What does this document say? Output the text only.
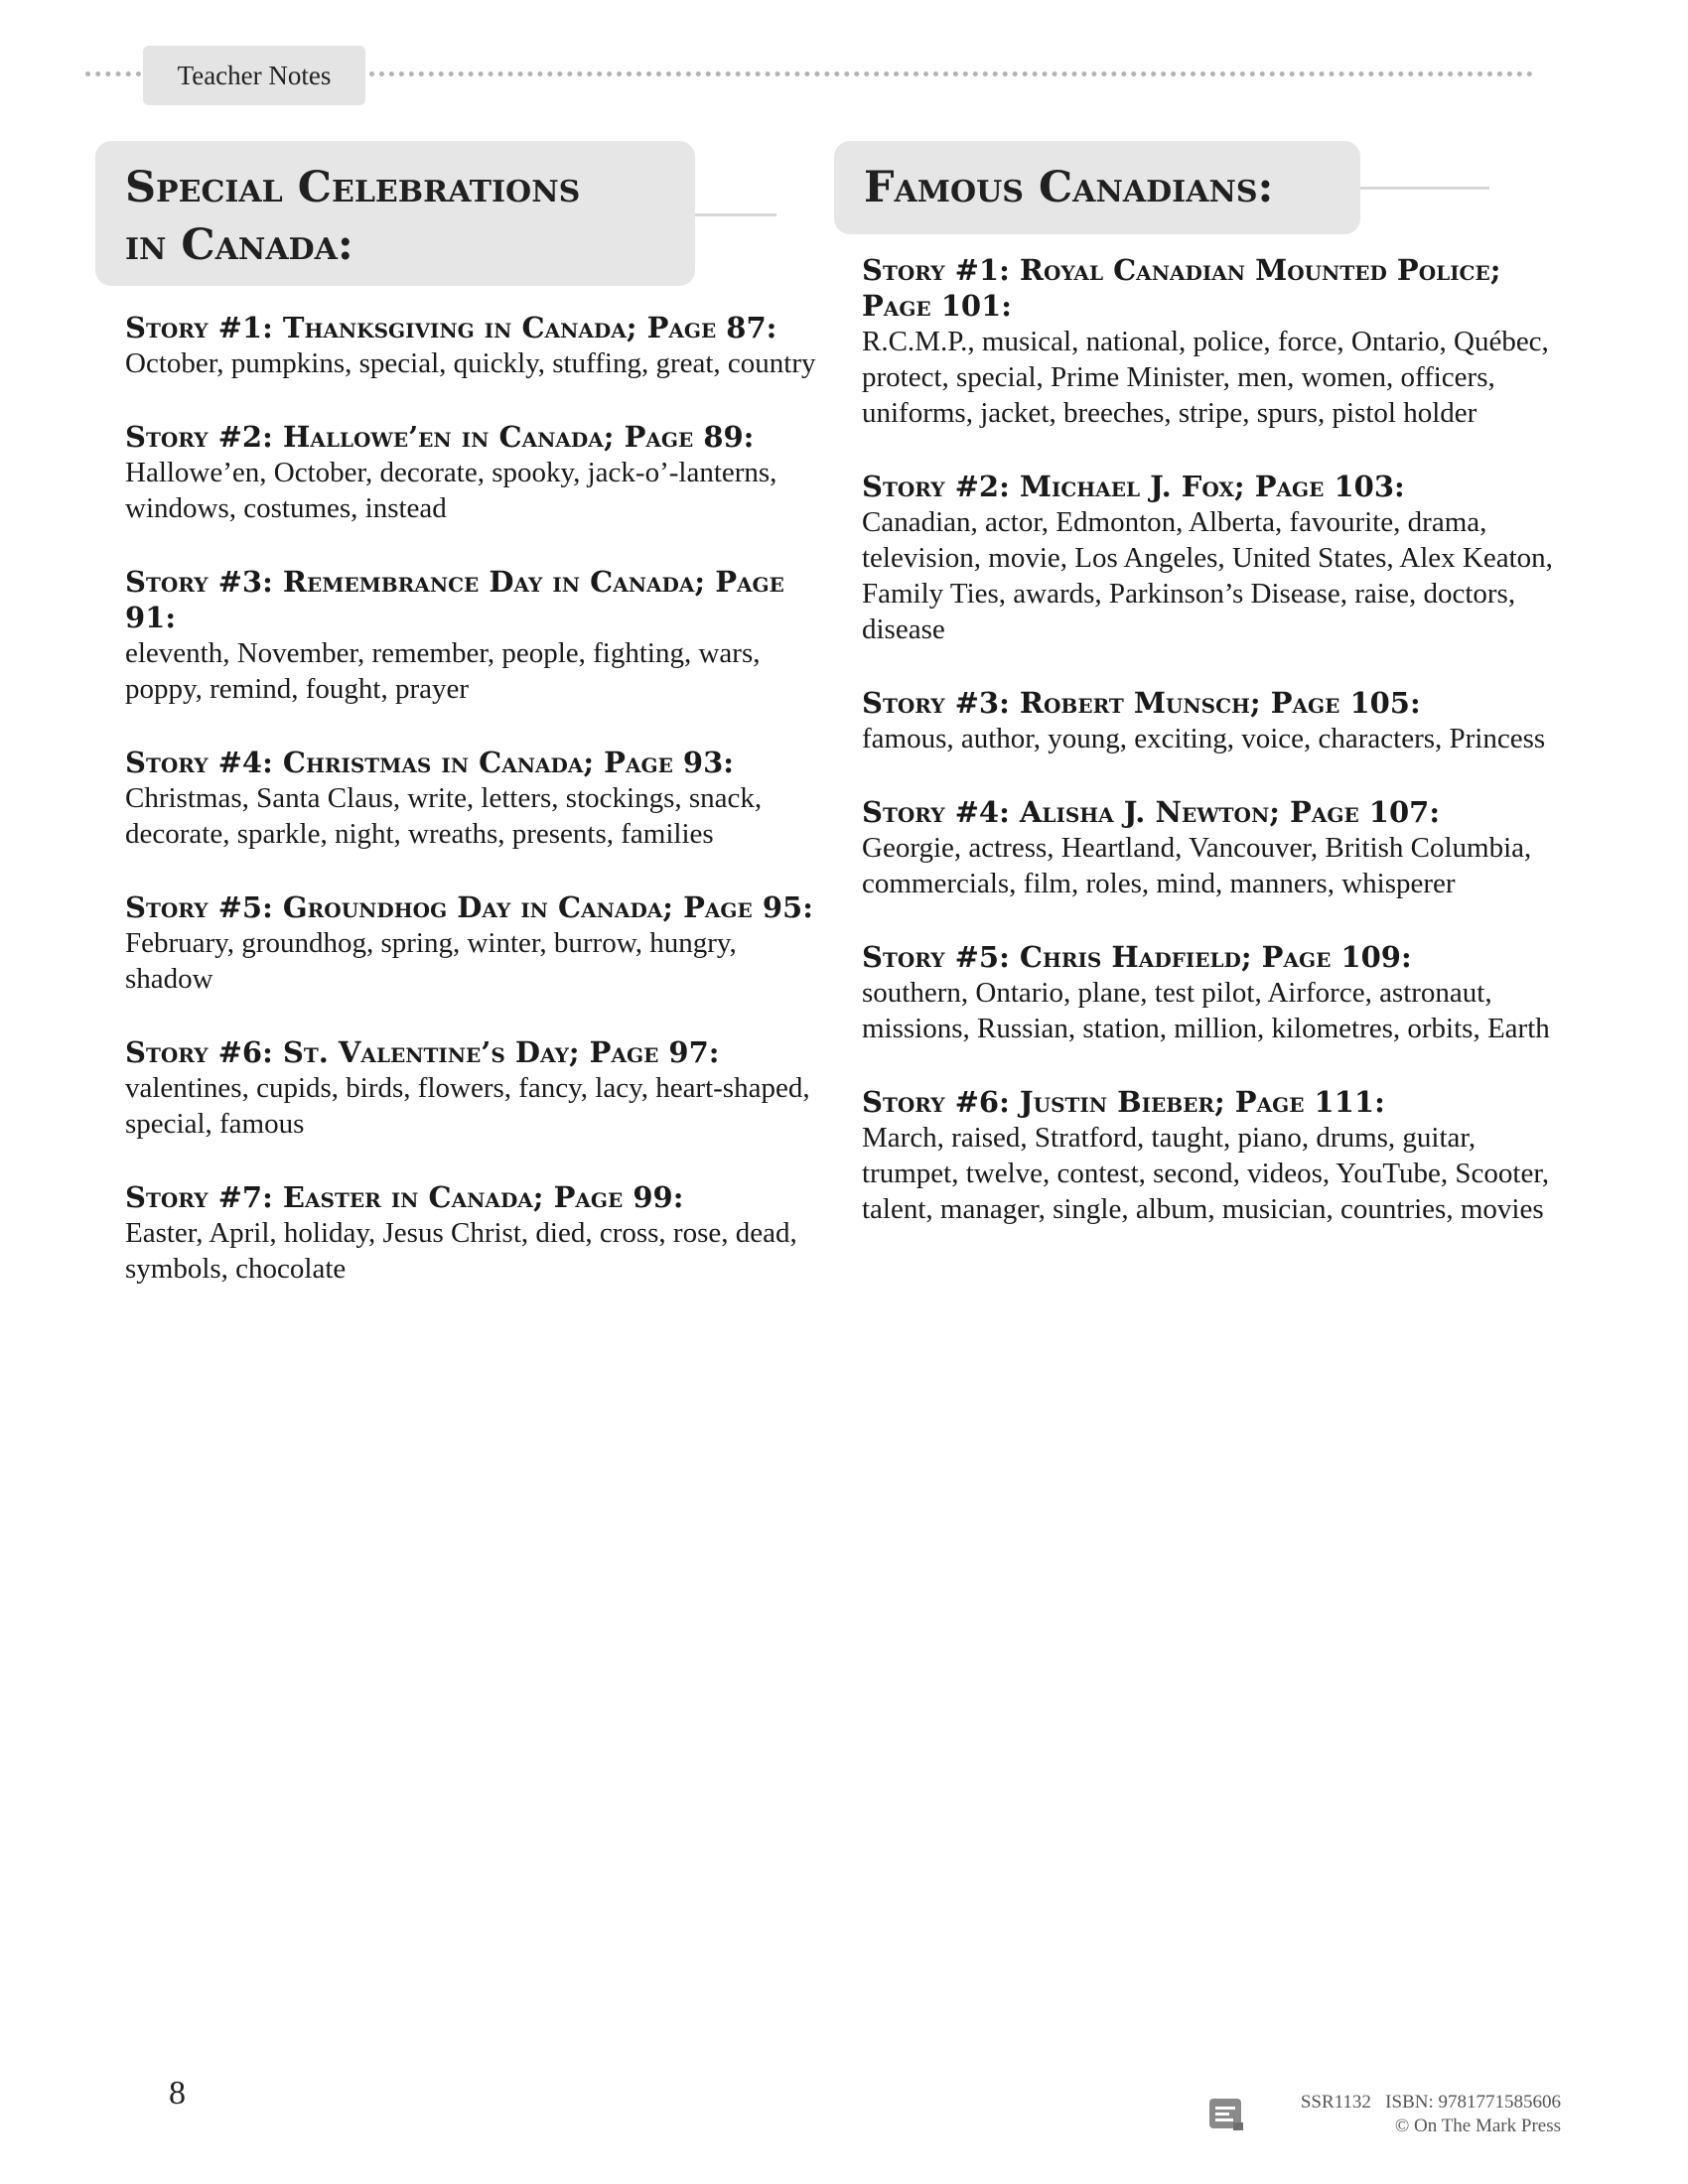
Teacher Notes
Special Celebrations
in Canada:
Famous Canadians:
Story #1: Thanksgiving in Canada; Page 87:
October, pumpkins, special, quickly, stuffing, great, country
Story #2: Hallowe’en in Canada; Page 89:
Hallowe’en, October, decorate, spooky, jack-o’-lanterns, windows, costumes, instead
Story #3: Remembrance Day in Canada; Page 91:
eleventh, November, remember, people, fighting, wars, poppy, remind, fought, prayer
Story #4: Christmas in Canada; Page 93:
Christmas, Santa Claus, write, letters, stockings, snack, decorate, sparkle, night, wreaths, presents, families
Story #5: Groundhog Day in Canada; Page 95:
February, groundhog, spring, winter, burrow, hungry, shadow
Story #6: St. Valentine’s Day; Page 97:
valentines, cupids, birds, flowers, fancy, lacy, heart-shaped, special, famous
Story #7: Easter in Canada; Page 99:
Easter, April, holiday, Jesus Christ, died, cross, rose, dead, symbols, chocolate
Story #1: Royal Canadian Mounted Police; Page 101:
R.C.M.P., musical, national, police, force, Ontario, Québec, protect, special, Prime Minister, men, women, officers, uniforms, jacket, breeches, stripe, spurs, pistol holder
Story #2: Michael J. Fox; Page 103:
Canadian, actor, Edmonton, Alberta, favourite, drama, television, movie, Los Angeles, United States, Alex Keaton, Family Ties, awards, Parkinson’s Disease, raise, doctors, disease
Story #3: Robert Munsch; Page 105:
famous, author, young, exciting, voice, characters, Princess
Story #4: Alisha J. Newton; Page 107:
Georgie, actress, Heartland, Vancouver, British Columbia, commercials, film, roles, mind, manners, whisperer
Story #5: Chris Hadfield; Page 109:
southern, Ontario, plane, test pilot, Airforce, astronaut, missions, Russian, station, million, kilometres, orbits, Earth
Story #6: Justin Bieber; Page 111:
March, raised, Stratford, taught, piano, drums, guitar, trumpet, twelve, contest, second, videos, YouTube, Scooter, talent, manager, single, album, musician, countries, movies
8	SSR1132 ISBN: 9781771585606
© On The Mark Press
